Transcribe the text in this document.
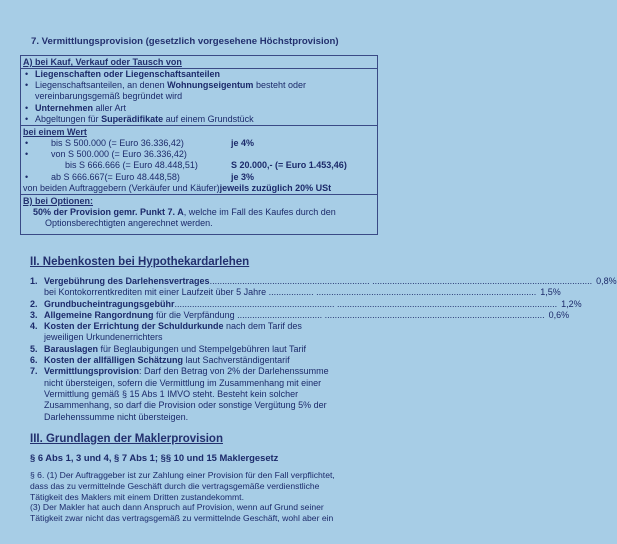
7. Vermittlungsprovision (gesetzlich vorgesehene Höchstprovision)
A) bei Kauf, Verkauf oder Tausch von
• Liegenschaften oder Liegenschaftsanteilen
• Liegenschaftsanteilen, an denen Wohnungseigentum besteht oder
vereinbarungsgemäß begründet wird
• Unternehmen aller Art
• Abgeltungen für Superädifikate auf einem Grundstück
bei einem Wert
• bis S 500.000 (= Euro 36.336,42)	je 4%
• von S 500.000 (= Euro 36.336,42)
bis S 666.666 (= Euro 48.448,51)	S 20.000,- (= Euro 1.453,46)
• ab S 666.667(= Euro 48.448,58)	je 3%
von beiden Auftraggebern (Verkäufer und Käufer)jeweils zuzüglich 20% USt
B) bei Optionen:
50% der Provision gemr. Punkt 7. A, welche im Fall des Kaufes durch den
Optionsberechtigten angerechnet werden.
II. Nebenkosten bei Hypothekardarlehen
1. Vergebührung des Darlehensvertrages................................................................ ........................................................................................ 0,8%
bei Kontokorrentkrediten mit einer Laufzeit über 5 Jahre .................. ........................................................................................ 1,5%
2. Grundbucheintragungsgebühr................................................................ ........................................................................................ 1,2%
3. Allgemeine Rangordnung für die Verpfändung .................................. ........................................................................................ 0,6%
4. Kosten der Errichtung der Schuldurkunde nach dem Tarif des
jeweiligen Urkundenerrichters
5. Barauslagen für Beglaubigungen und Stempelgebühren laut Tarif
6. Kosten der allfälligen Schätzung laut Sachverständigentarif
7. Vermittlungsprovision: Darf den Betrag von 2% der Darlehenssumme
nicht übersteigen, sofern die Vermittlung im Zusammenhang mit einer
Vermittlung gemäß § 15 Abs 1 IMVO steht. Besteht kein solcher
Zusammenhang, so darf die Provision oder sonstige Vergütung 5% der
Darlehenssumme nicht übersteigen.
III. Grundlagen der Maklerprovision
§ 6 Abs 1, 3 und 4, § 7 Abs 1; §§ 10 und 15 Maklergesetz
§ 6. (1) Der Auftraggeber ist zur Zahlung einer Provision für den Fall verpflichtet,
dass das zu vermittelnde Geschäft durch die vertragsgemäße verdienstliche
Tätigkeit des Maklers mit einem Dritten zustandekommt.
(3) Der Makler hat auch dann Anspruch auf Provision, wenn auf Grund seiner
Tätigkeit zwar nicht das vertragsgemäß zu vermittelnde Geschäft, wohl aber ein
